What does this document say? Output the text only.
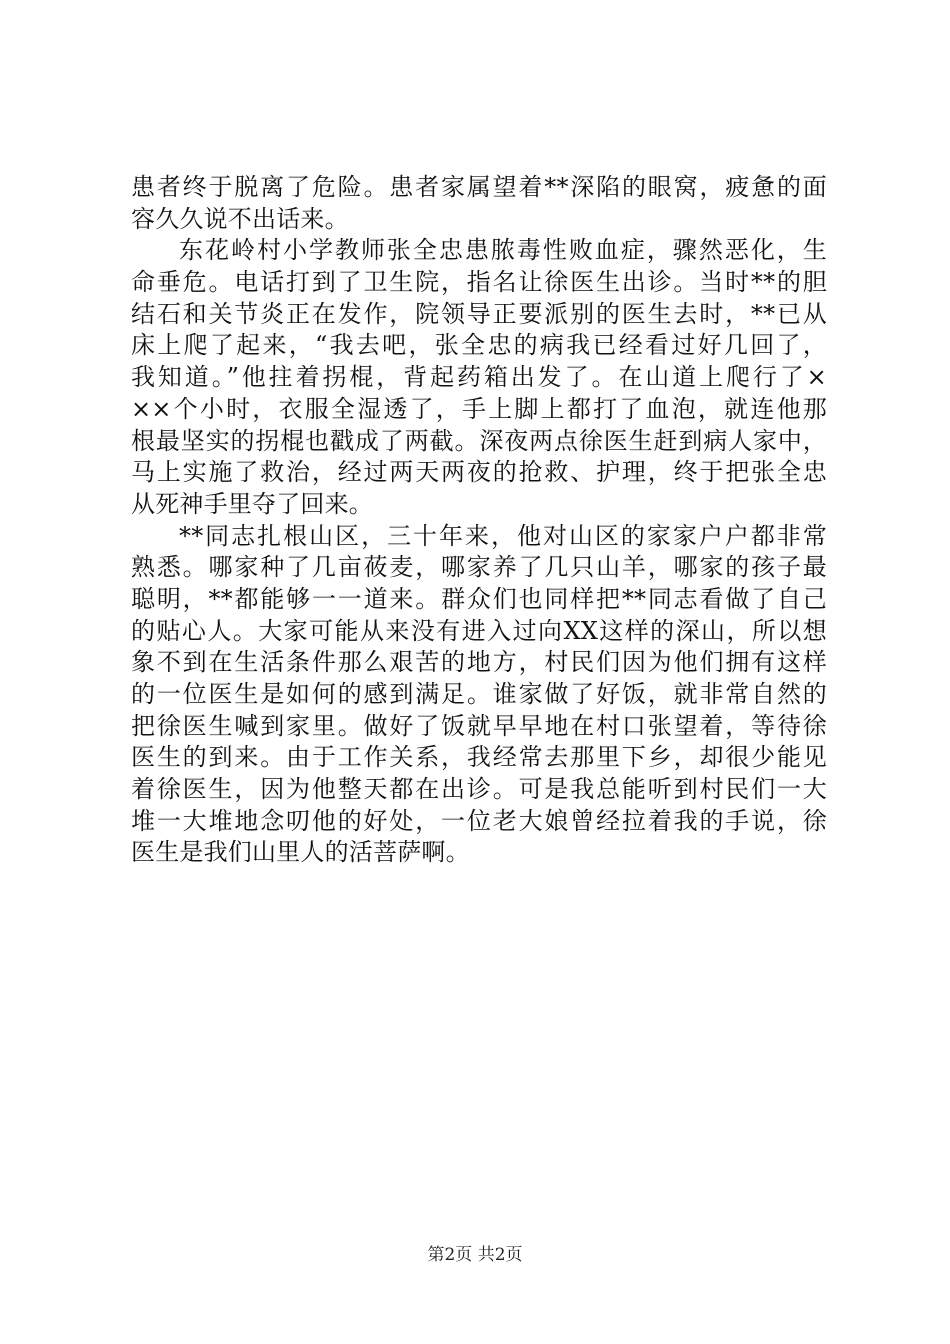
患者终于脱离了危险。患者家属望着**深陷的眼窝，疲惫的面
容久久说不出话来。
东花岭村小学教师张全忠患脓毒性败血症，骤然恶化，生
命垂危。电话打到了卫生院，指名让徐医生出诊。当时**的胆
结石和关节炎正在发作，院领导正要派别的医生去时，**已从
床上爬了起来，“我去吧，张全忠的病我已经看过好几回了，
我知道。”他拄着拐棍，背起药箱出发了。在山道上爬行了×
××个小时，衣服全湿透了，手上脚上都打了血泡，就连他那
根最坚实的拐棍也戳成了两截。深夜两点徐医生赶到病人家中，
马上实施了救治，经过两天两夜的抢救、护理，终于把张全忠
从死神手里夺了回来。
**同志扎根山区，三十年来，他对山区的家家户户都非常
熟悉。哪家种了几亩莜麦，哪家养了几只山羊，哪家的孩子最
聪明，**都能够一一道来。群众们也同样把**同志看做了自己
的贴心人。大家可能从来没有进入过向XX这样的深山，所以想
象不到在生活条件那么艰苦的地方，村民们因为他们拥有这样
的一位医生是如何的感到满足。谁家做了好饭，就非常自然的
把徐医生喊到家里。做好了饭就早早地在村口张望着，等待徐
医生的到来。由于工作关系，我经常去那里下乡，却很少能见
着徐医生，因为他整天都在出诊。可是我总能听到村民们一大
堆一大堆地念叨他的好处，一位老大娘曾经拉着我的手说，徐
医生是我们山里人的活菩萨啊。
第2页 共2页
